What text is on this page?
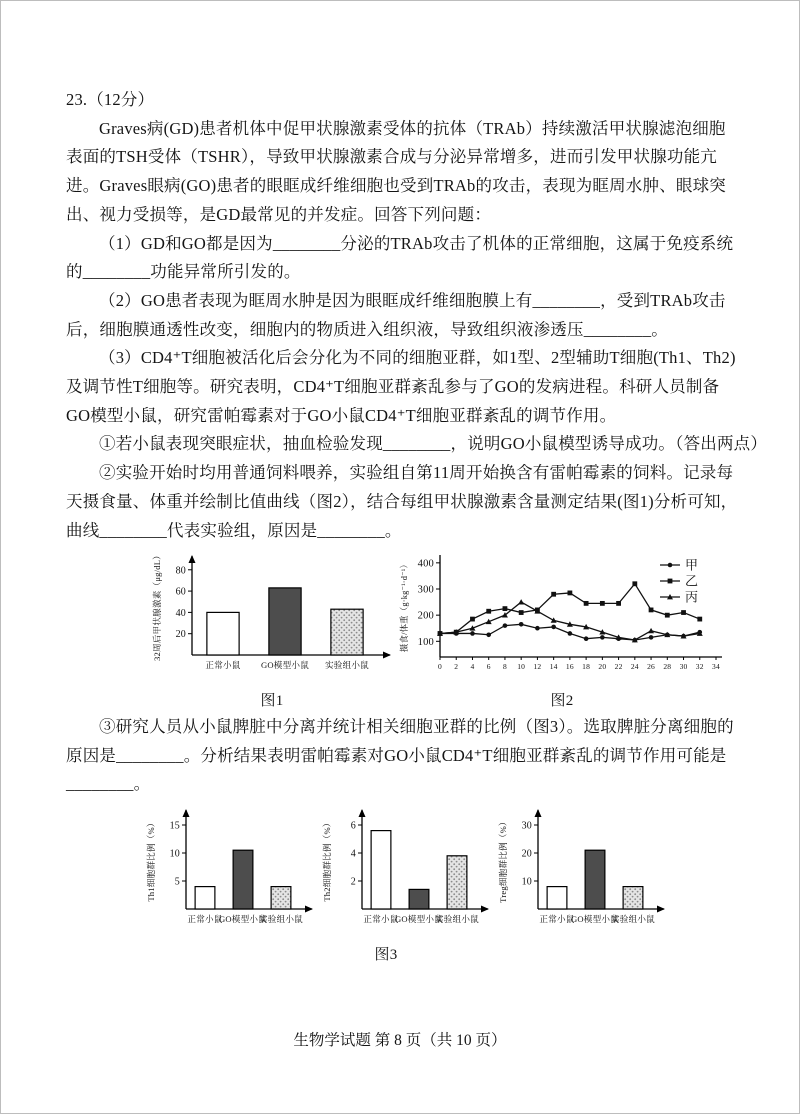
23.（12分）
Graves病(GD)患者机体中促甲状腺激素受体的抗体（TRAb）持续激活甲状腺滤泡细胞
表面的TSH受体（TSHR），导致甲状腺激素合成与分泌异常增多，进而引发甲状腺功能亢
进。Graves眼病(GO)患者的眼眶成纤维细胞也受到TRAb的攻击，表现为眶周水肿、眼球突
出、视力受损等，是GD最常见的并发症。回答下列问题：
（1）GD和GO都是因为________分泌的TRAb攻击了机体的正常细胞，这属于免疫系统
的________功能异常所引发的。
（2）GO患者表现为眶周水肿是因为眼眶成纤维细胞膜上有________，受到TRAb攻击
后，细胞膜通透性改变，细胞内的物质进入组织液，导致组织液渗透压________。
（3）CD4⁺T细胞被活化后会分化为不同的细胞亚群，如1型、2型辅助T细胞(Th1、Th2)
及调节性T细胞等。研究表明，CD4⁺T细胞亚群紊乱参与了GO的发病进程。科研人员制备
GO模型小鼠，研究雷帕霉素对于GO小鼠CD4⁺T细胞亚群紊乱的调节作用。
①若小鼠表现突眼症状，抽血检验发现________，说明GO小鼠模型诱导成功。（答出两点）
②实验开始时均用普通饲料喂养，实验组自第11周开始换含有雷帕霉素的饲料。记录每
天摄食量、体重并绘制比值曲线（图2），结合每组甲状腺激素含量测定结果(图1)分析可知，
曲线________代表实验组，原因是________。
20
40
60
80
32周后甲状腺激素（μg/dL）
正常小鼠 GO模型小鼠 实验组小鼠
图1
100
200
300
400
0 2 4 6 8 10 12 14 16 18 20 22 24 26 28 30 32 34
摄食/体重（g·kg⁻¹·d⁻¹）	甲
乙
丙
图2
③研究人员从小鼠脾脏中分离并统计相关细胞亚群的比例（图3）。选取脾脏分离细胞的
原因是________。分析结果表明雷帕霉素对GO小鼠CD4⁺T细胞亚群紊乱的调节作用可能是
________。
5
10
15
Th1细胞群比例（%）
正常小鼠
GO模型小鼠
实验组小鼠
2
4
6
Th2细胞群比例（%）
正常小鼠
GO模型小鼠
实验组小鼠
10
20
30
Treg细胞群比例（%）
正常小鼠
GO模型小鼠
实验组小鼠
图3
生物学试题 第 8 页（共 10 页）
